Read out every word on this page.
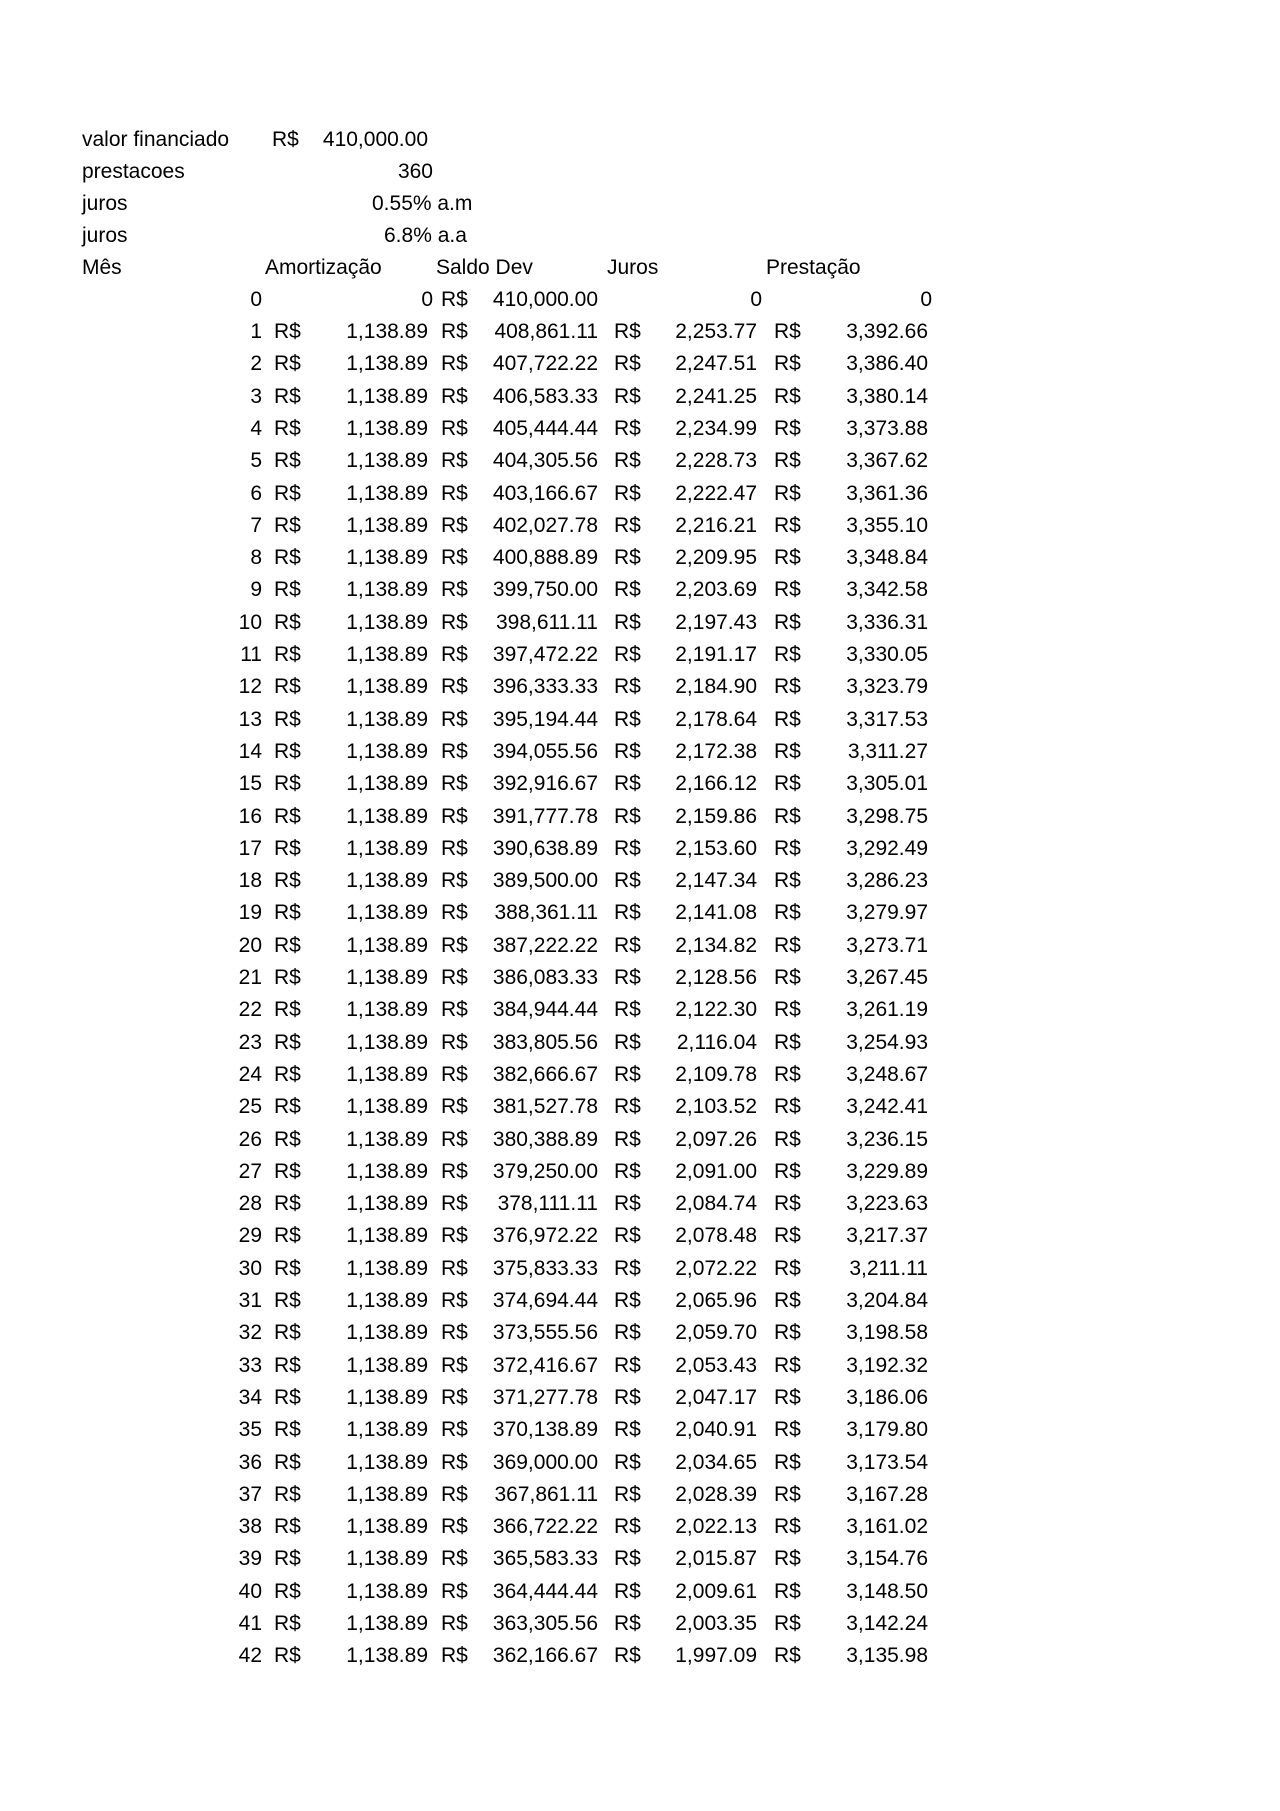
valor financiado	R$	410,000.00
prestacoes	360
juros	0.55% a.m
juros	6.8% a.a
Mês	Amortização	Saldo Dev	Juros	Prestação
0	0 R$	410,000.00	0	0
1 R$	1,138.89 R$	408,861.11 R$	2,253.77 R$	3,392.66
2 R$	1,138.89 R$	407,722.22 R$	2,247.51 R$	3,386.40
3 R$	1,138.89 R$	406,583.33 R$	2,241.25 R$	3,380.14
4 R$	1,138.89 R$	405,444.44 R$	2,234.99 R$	3,373.88
5 R$	1,138.89 R$	404,305.56 R$	2,228.73 R$	3,367.62
6 R$	1,138.89 R$	403,166.67 R$	2,222.47 R$	3,361.36
7 R$	1,138.89 R$	402,027.78 R$	2,216.21 R$	3,355.10
8 R$	1,138.89 R$	400,888.89 R$	2,209.95 R$	3,348.84
9 R$	1,138.89 R$	399,750.00 R$	2,203.69 R$	3,342.58
10 R$	1,138.89 R$	398,611.11 R$	2,197.43 R$	3,336.31
11 R$	1,138.89 R$	397,472.22 R$	2,191.17 R$	3,330.05
12 R$	1,138.89 R$	396,333.33 R$	2,184.90 R$	3,323.79
13 R$	1,138.89 R$	395,194.44 R$	2,178.64 R$	3,317.53
14 R$	1,138.89 R$	394,055.56 R$	2,172.38 R$	3,311.27
15 R$	1,138.89 R$	392,916.67 R$	2,166.12 R$	3,305.01
16 R$	1,138.89 R$	391,777.78 R$	2,159.86 R$	3,298.75
17 R$	1,138.89 R$	390,638.89 R$	2,153.60 R$	3,292.49
18 R$	1,138.89 R$	389,500.00 R$	2,147.34 R$	3,286.23
19 R$	1,138.89 R$	388,361.11 R$	2,141.08 R$	3,279.97
20 R$	1,138.89 R$	387,222.22 R$	2,134.82 R$	3,273.71
21 R$	1,138.89 R$	386,083.33 R$	2,128.56 R$	3,267.45
22 R$	1,138.89 R$	384,944.44 R$	2,122.30 R$	3,261.19
23 R$	1,138.89 R$	383,805.56 R$	2,116.04 R$	3,254.93
24 R$	1,138.89 R$	382,666.67 R$	2,109.78 R$	3,248.67
25 R$	1,138.89 R$	381,527.78 R$	2,103.52 R$	3,242.41
26 R$	1,138.89 R$	380,388.89 R$	2,097.26 R$	3,236.15
27 R$	1,138.89 R$	379,250.00 R$	2,091.00 R$	3,229.89
28 R$	1,138.89 R$	378,111.11 R$	2,084.74 R$	3,223.63
29 R$	1,138.89 R$	376,972.22 R$	2,078.48 R$	3,217.37
30 R$	1,138.89 R$	375,833.33 R$	2,072.22 R$	3,211.11
31 R$	1,138.89 R$	374,694.44 R$	2,065.96 R$	3,204.84
32 R$	1,138.89 R$	373,555.56 R$	2,059.70 R$	3,198.58
33 R$	1,138.89 R$	372,416.67 R$	2,053.43 R$	3,192.32
34 R$	1,138.89 R$	371,277.78 R$	2,047.17 R$	3,186.06
35 R$	1,138.89 R$	370,138.89 R$	2,040.91 R$	3,179.80
36 R$	1,138.89 R$	369,000.00 R$	2,034.65 R$	3,173.54
37 R$	1,138.89 R$	367,861.11 R$	2,028.39 R$	3,167.28
38 R$	1,138.89 R$	366,722.22 R$	2,022.13 R$	3,161.02
39 R$	1,138.89 R$	365,583.33 R$	2,015.87 R$	3,154.76
40 R$	1,138.89 R$	364,444.44 R$	2,009.61 R$	3,148.50
41 R$	1,138.89 R$	363,305.56 R$	2,003.35 R$	3,142.24
42 R$	1,138.89 R$	362,166.67 R$	1,997.09 R$	3,135.98
